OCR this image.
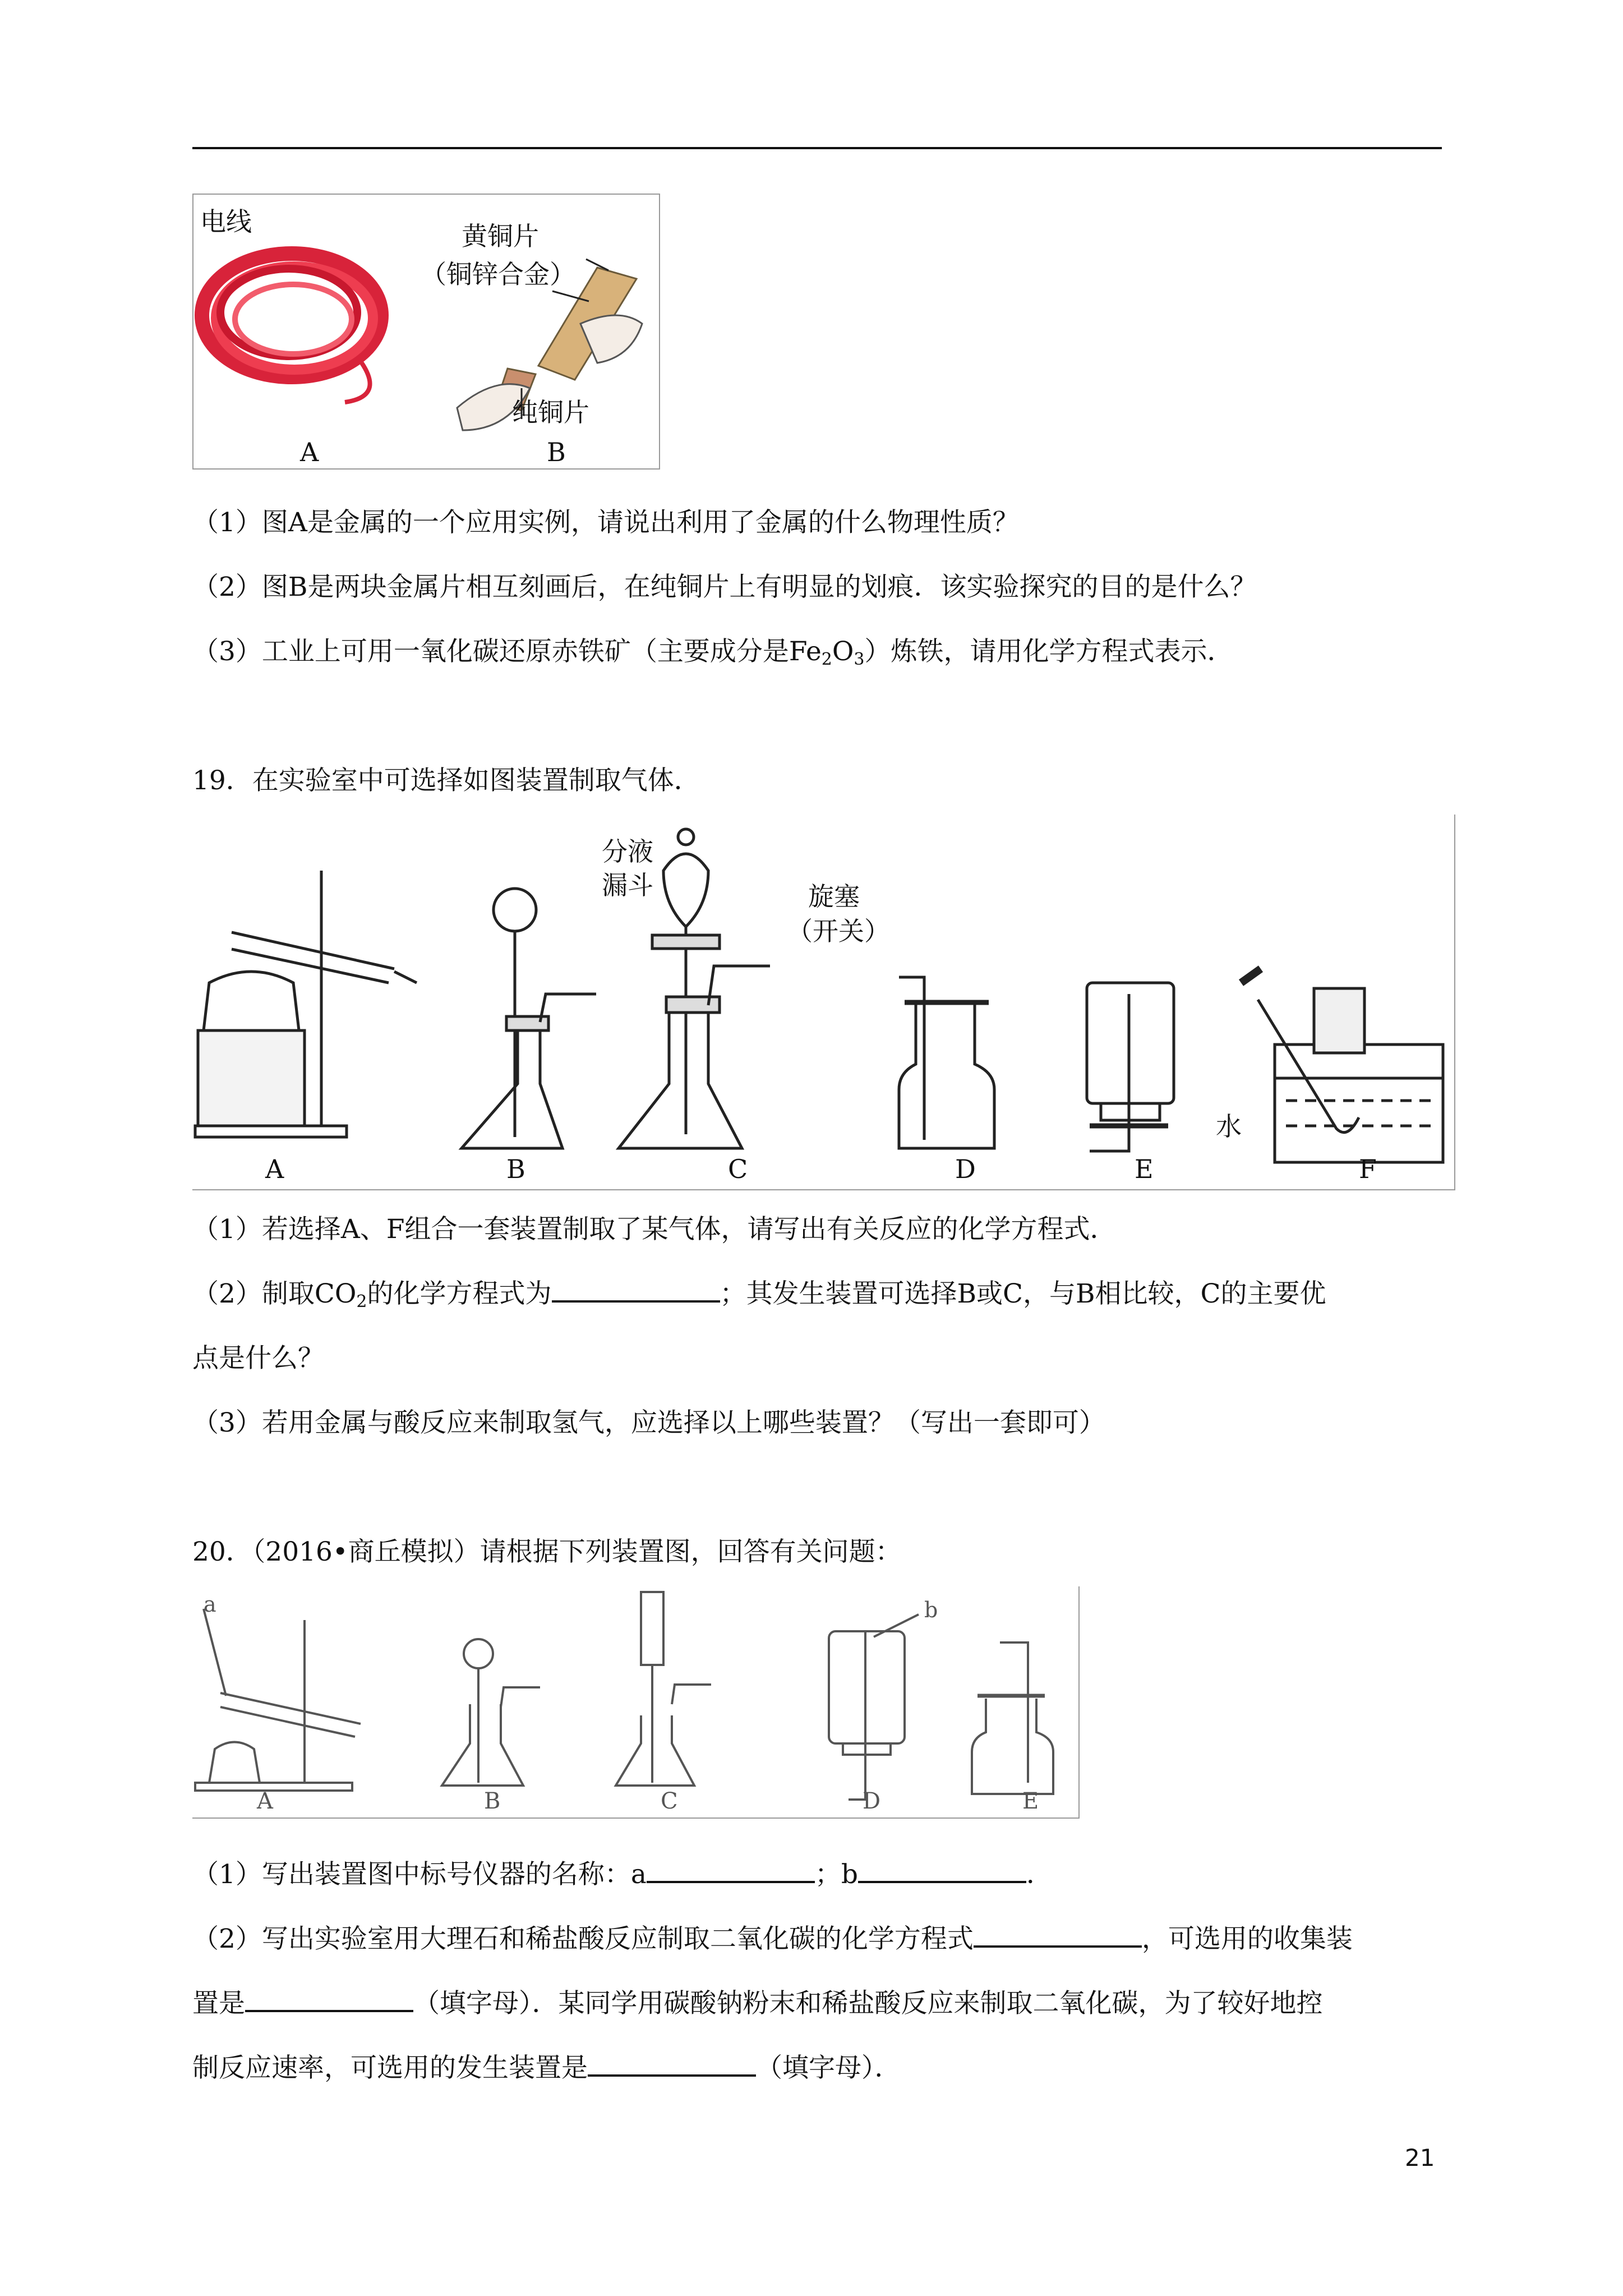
电线	黄铜片
（铜锌合金）
纯铜片
A	B
（1）图A是金属的一个应用实例，请说出利用了金属的什么物理性质？
（2）图B是两块金属片相互刻画后，在纯铜片上有明显的划痕．该实验探究的目的是什么？
（3）工业上可用一氧化碳还原赤铁矿（主要成分是$Fe_2O_3$）炼铁，请用化学方程式表示．
19．在实验室中可选择如图装置制取气体．
分液
漏斗	旋塞
（开关）
水
A	B	C	D	E	F
（1）若选择A、F组合一套装置制取了某气体，请写出有关反应的化学方程式．
（2）制取$CO_2$的化学方程式为	；其发生装置可选择B或C，与B相比较，C的主要优
点是什么？
（3）若用金属与酸反应来制取氢气，应选择以上哪些装置？（写出一套即可）
20．（2016•商丘模拟）请根据下列装置图，回答有关问题：
a	b
A	B	C	D	E
（1）写出装置图中标号仪器的名称：a	；b	．
（2）写出实验室用大理石和稀盐酸反应制取二氧化碳的化学方程式	，可选用的收集装
置是	（填字母）．某同学用碳酸钠粉末和稀盐酸反应来制取二氧化碳，为了较好地控
制反应速率，可选用的发生装置是	（填字母）．
21
